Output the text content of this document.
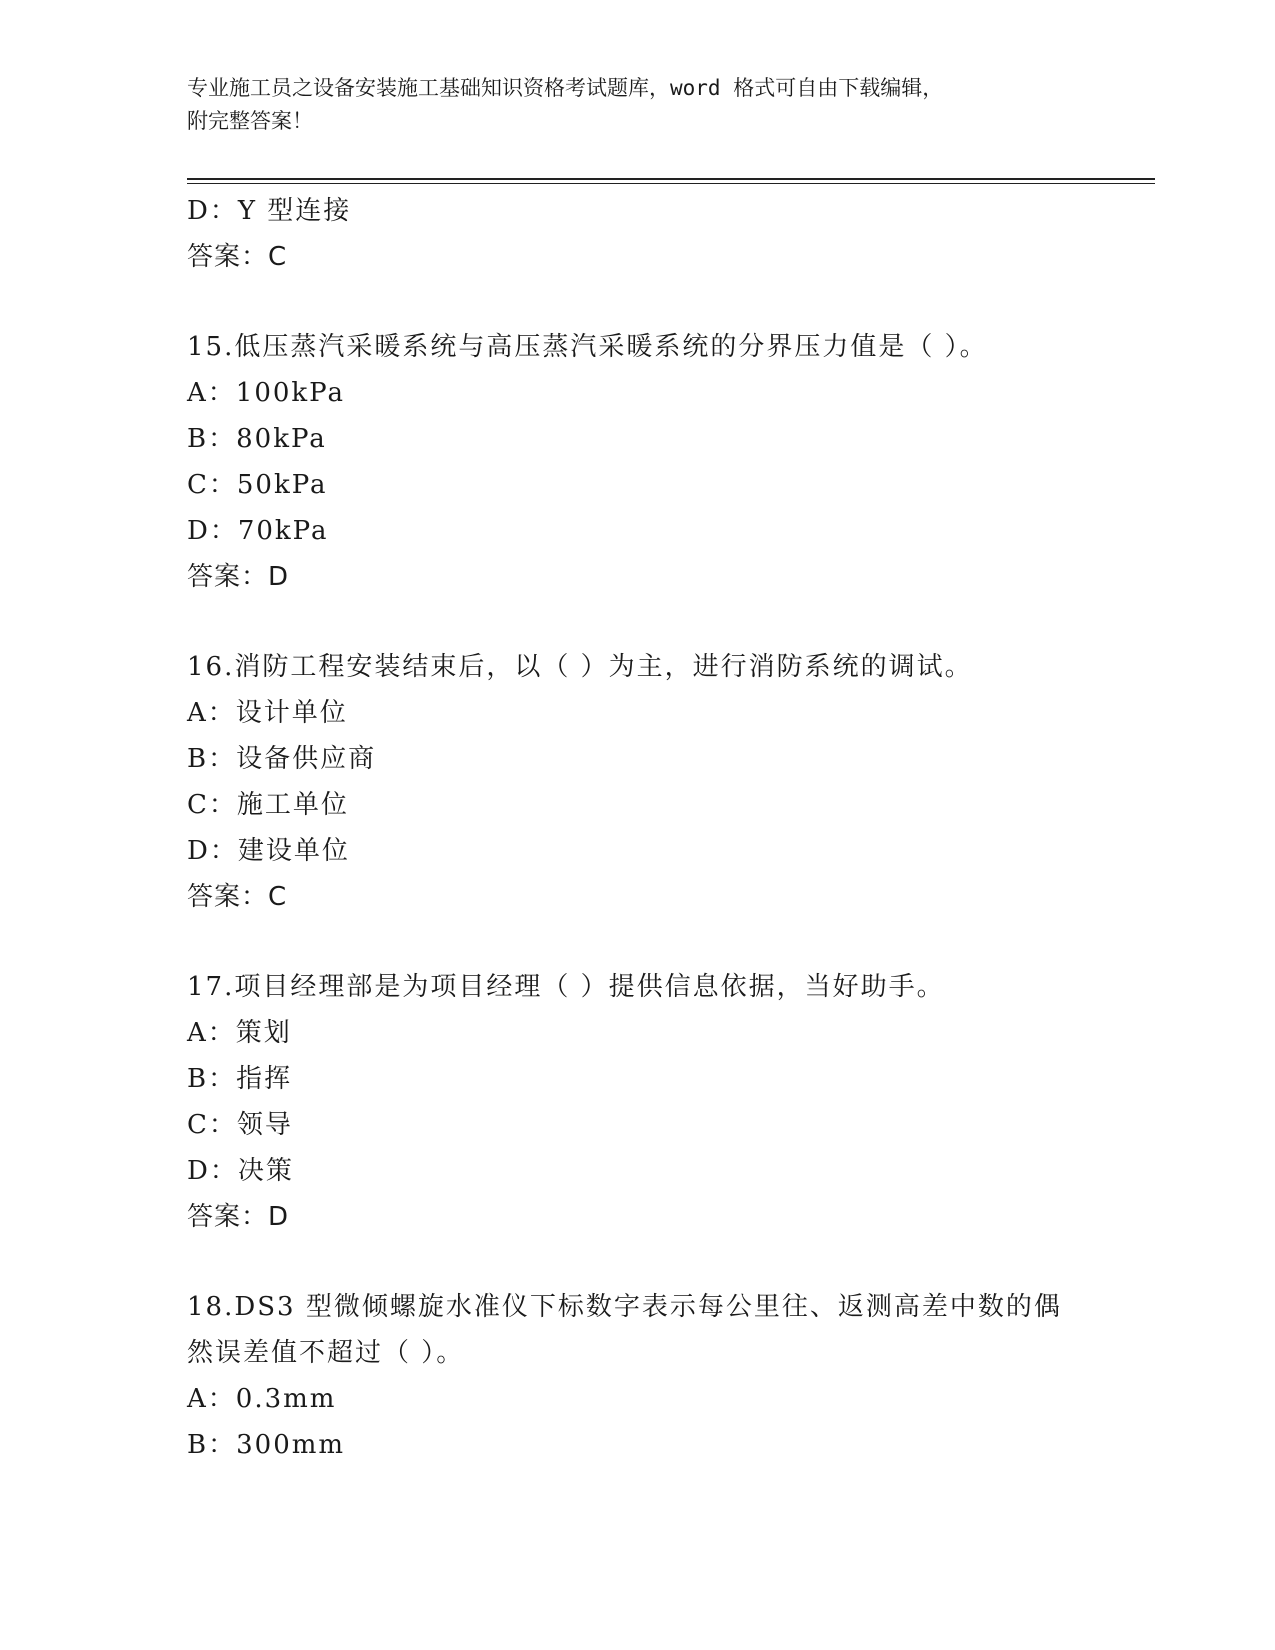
专业施工员之设备安装施工基础知识资格考试题库，word 格式可自由下载编辑，
附完整答案！
D：Y 型连接
答案：C
15.低压蒸汽采暖系统与高压蒸汽采暖系统的分界压力值是（ ）。
A：100kPa
B：80kPa
C：50kPa
D：70kPa
答案：D
16.消防工程安装结束后，以（ ）为主，进行消防系统的调试。
A：设计单位
B：设备供应商
C：施工单位
D：建设单位
答案：C
17.项目经理部是为项目经理（ ）提供信息依据，当好助手。
A：策划
B：指挥
C：领导
D：决策
答案：D
18.DS3 型微倾螺旋水准仪下标数字表示每公里往、返测高差中数的偶
然误差值不超过（ ）。
A：0.3mm
B：300mm
